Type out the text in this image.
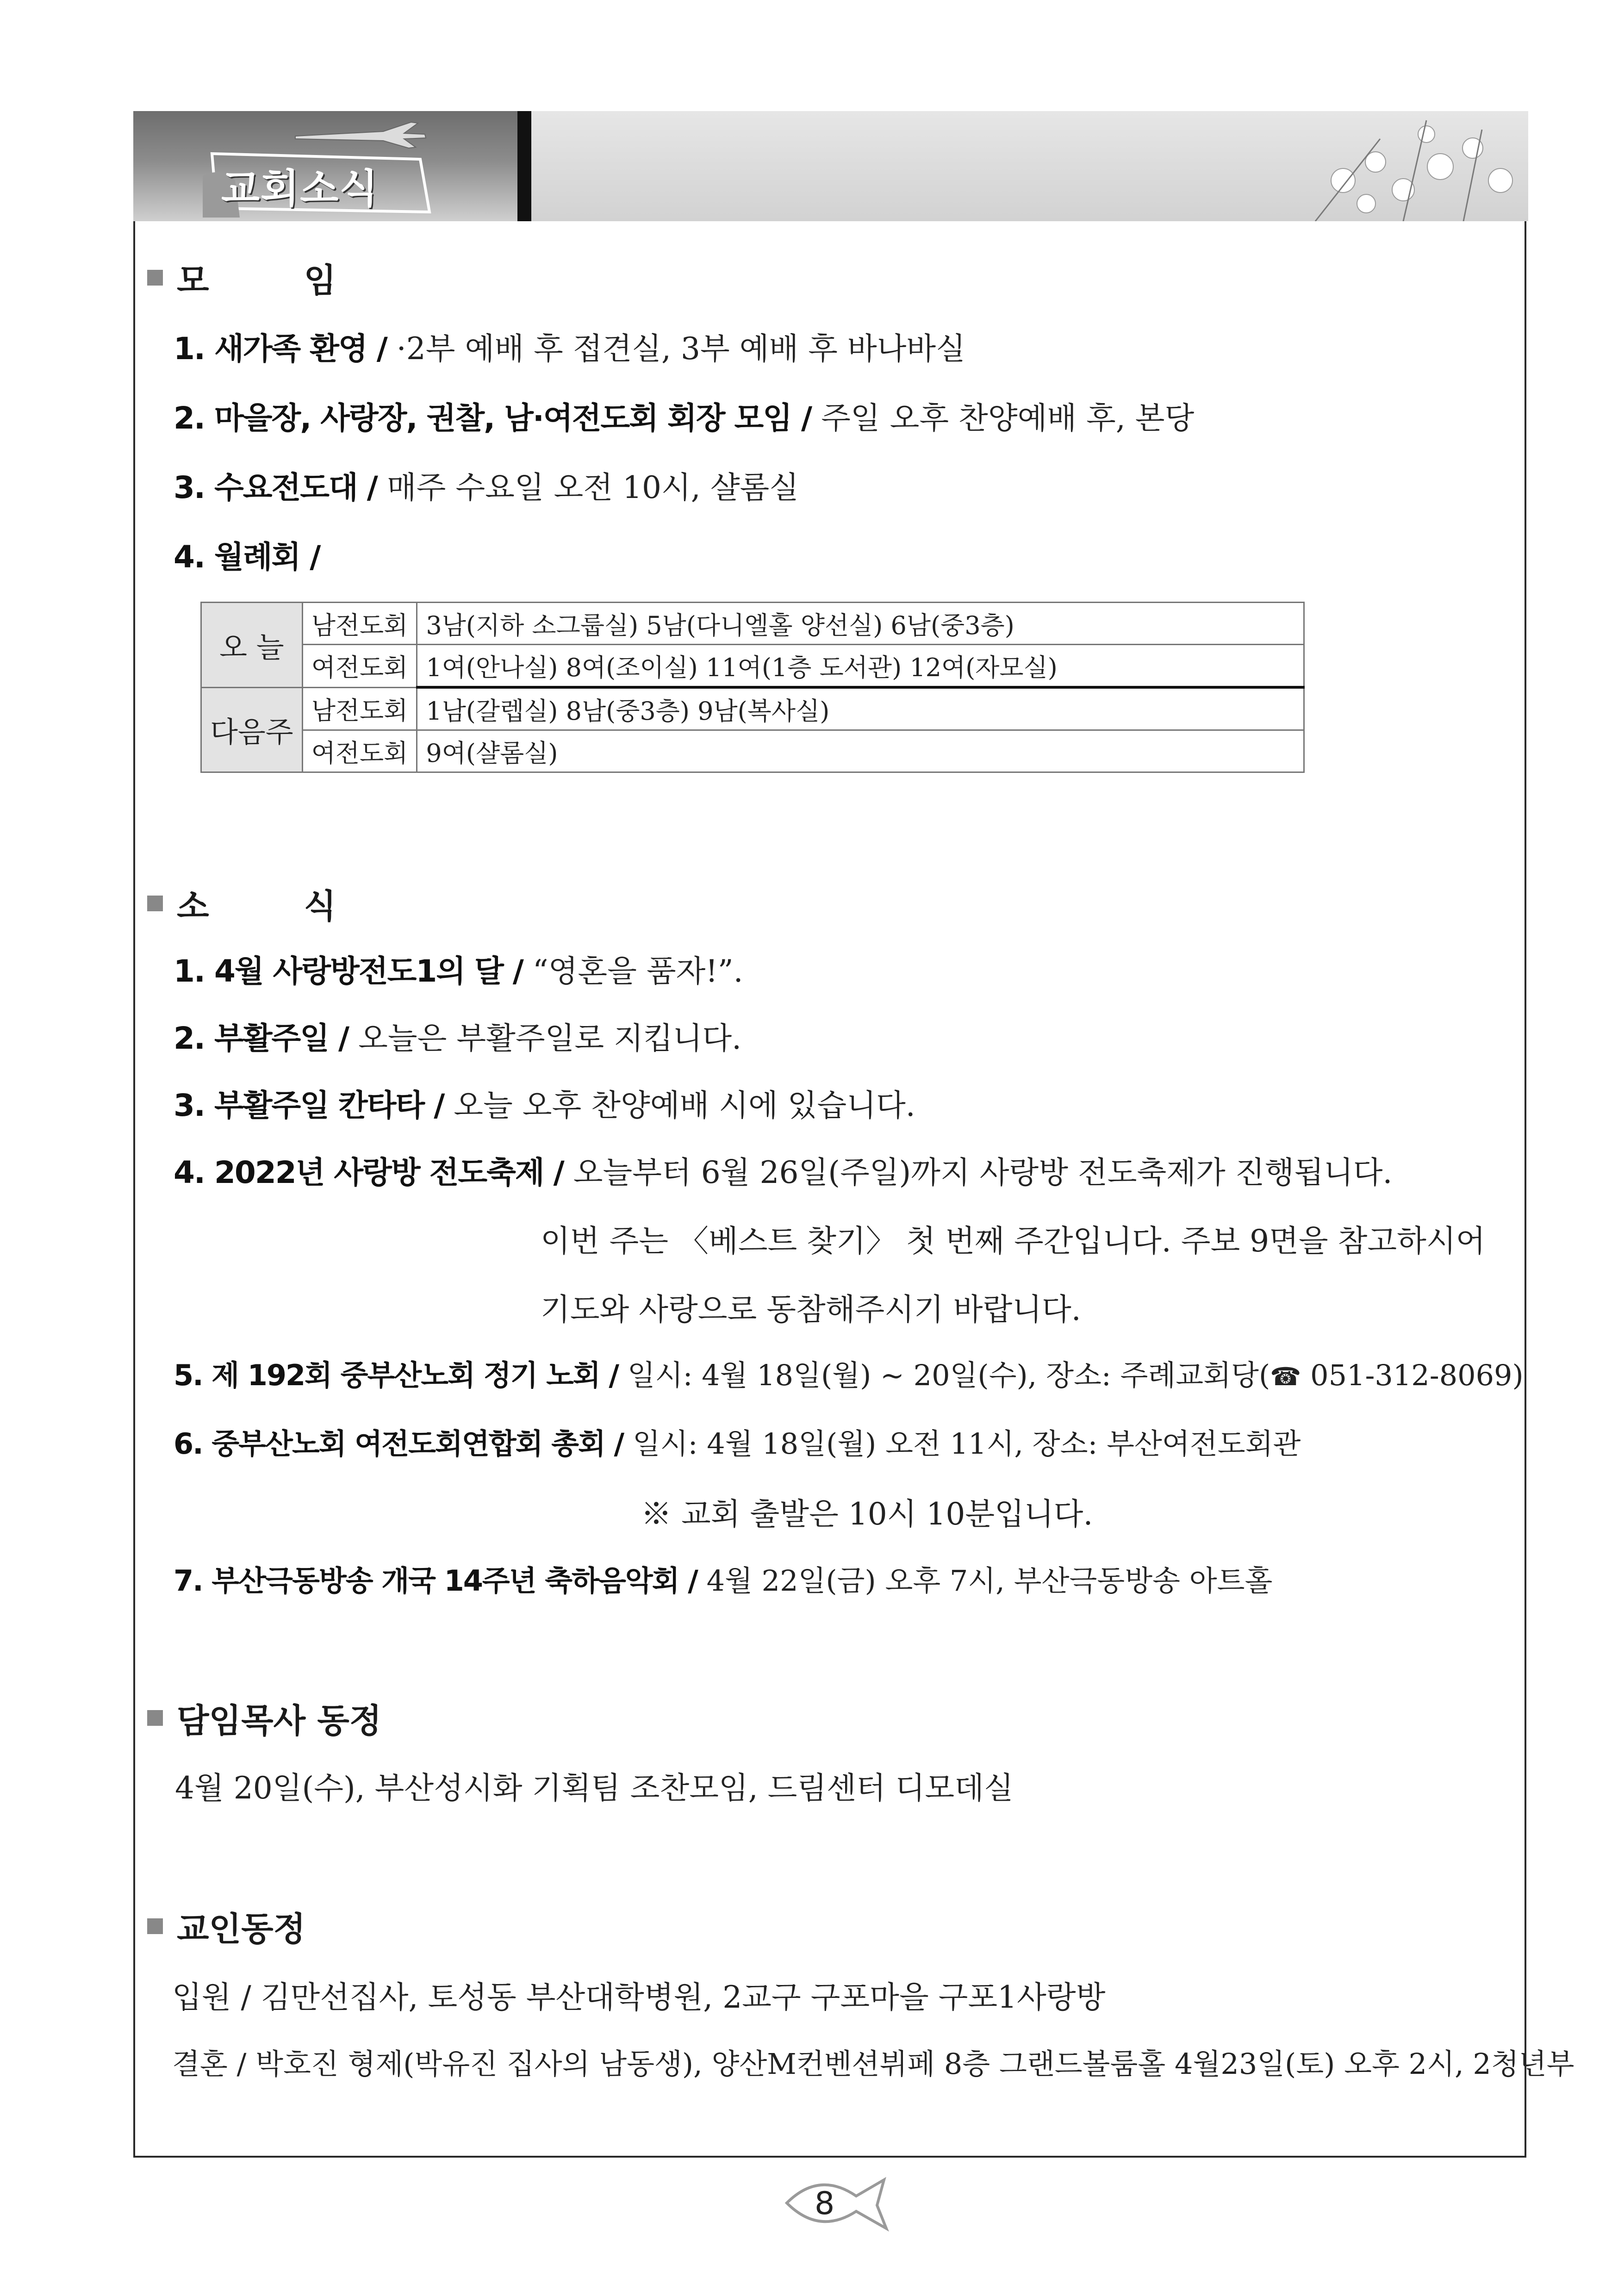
교회소식
모 임
1. 새가족 환영 / ·2부 예배 후 접견실, 3부 예배 후 바나바실
2. 마을장, 사랑장, 권찰, 남·여전도회 회장 모임 / 주일 오후 찬양예배 후, 본당
3. 수요전도대 / 매주 수요일 오전 10시, 샬롬실
4. 월례회 /
오 늘	남전도회	3남(지하 소그룹실) 5남(다니엘홀 양선실) 6남(중3층)
	여전도회	1여(안나실) 8여(조이실) 11여(1층 도서관) 12여(자모실)
다음주	남전도회	1남(갈렙실) 8남(중3층) 9남(복사실)
	여전도회	9여(샬롬실)
소 식
1. 4월 사랑방전도1의 달 / “영혼을 품자!”.
2. 부활주일 / 오늘은 부활주일로 지킵니다.
3. 부활주일 칸타타 / 오늘 오후 찬양예배 시에 있습니다.
4. 2022년 사랑방 전도축제 / 오늘부터 6월 26일(주일)까지 사랑방 전도축제가 진행됩니다.
이번 주는 〈베스트 찾기〉 첫 번째 주간입니다. 주보 9면을 참고하시어
기도와 사랑으로 동참해주시기 바랍니다.
5. 제 192회 중부산노회 정기 노회 / 일시: 4월 18일(월) ~ 20일(수), 장소: 주례교회당(☎ 051-312-8069)
6. 중부산노회 여전도회연합회 총회 / 일시: 4월 18일(월) 오전 11시, 장소: 부산여전도회관
※ 교회 출발은 10시 10분입니다.
7. 부산극동방송 개국 14주년 축하음악회 / 4월 22일(금) 오후 7시, 부산극동방송 아트홀
담임목사 동정
4월 20일(수), 부산성시화 기획팀 조찬모임, 드림센터 디모데실
교인동정
입원 / 김만선집사, 토성동 부산대학병원, 2교구 구포마을 구포1사랑방
결혼 / 박호진 형제(박유진 집사의 남동생), 양산M컨벤션뷔페 8층 그랜드볼룸홀 4월23일(토) 오후 2시, 2청년부
8
